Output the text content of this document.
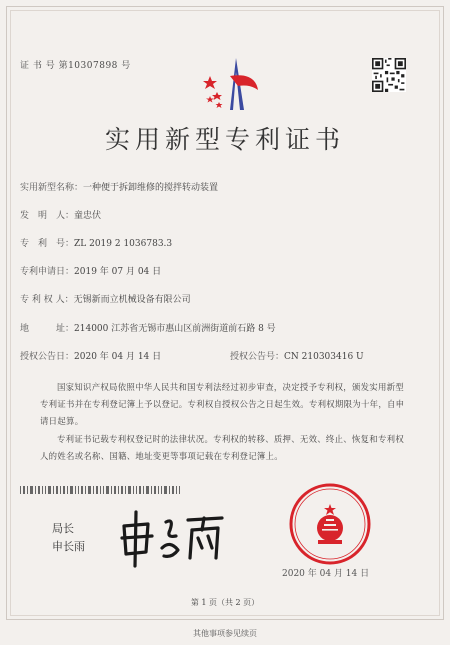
证 书 号 第10307898 号
实用新型专利证书
实用新型名称：一种便于拆卸维修的搅拌转动装置
发　明　人：童忠伏
专　利　号：ZL 2019 2 1036783.3
专利申请日：2019 年 07 月 04 日
专 利 权 人：无锡新而立机械设备有限公司
地　　　址：214000 江苏省无锡市惠山区前洲街道前石路 8 号
授权公告日：2020 年 04 月 14 日	授权公告号：CN 210303416 U
国家知识产权局依照中华人民共和国专利法经过初步审查，决定授予专利权，颁发实用新型专利证书并在专利登记簿上予以登记。专利权自授权公告之日起生效。专利权期限为十年，自申请日起算。
专利证书记载专利权登记时的法律状况。专利权的转移、质押、无效、终止、恢复和专利权人的姓名或名称、国籍、地址变更等事项记载在专利登记簿上。
局长
申长雨
2020 年 04 月 14 日
第 1 页（共 2 页）
其他事项参见续页
